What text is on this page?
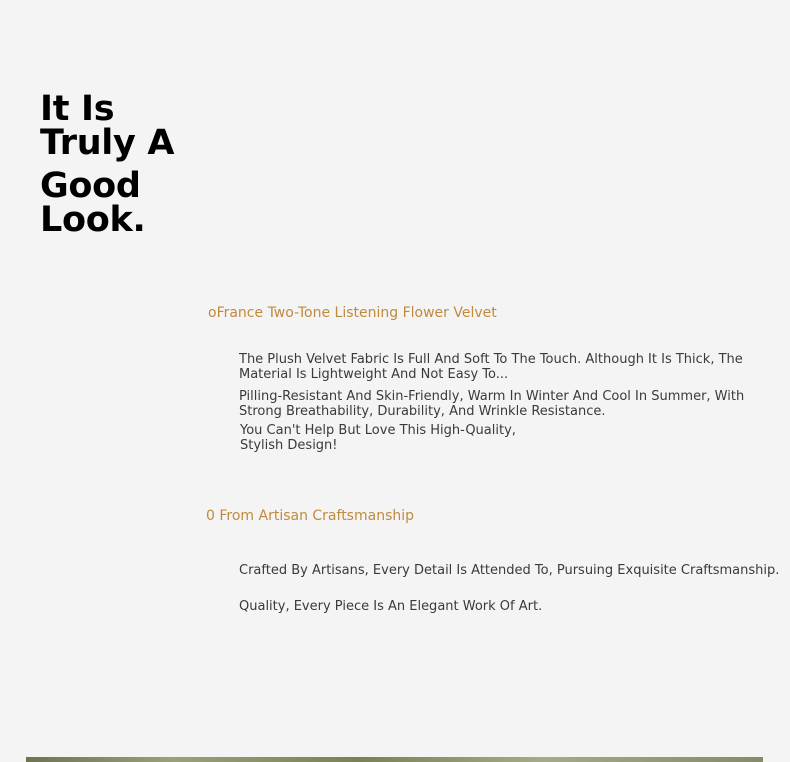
It Is
Truly A
Good
Look.
oFrance Two-Tone Listening Flower Velvet

The Plush Velvet Fabric Is Full And Soft To The Touch. Although It Is Thick, The Material Is Lightweight And Not Easy To...

Pilling-Resistant And Skin-Friendly, Warm In Winter And Cool In Summer, With Strong Breathability, Durability, And Wrinkle Resistance.

You Can't Help But Love This High-Quality, Stylish Design!

0 From Artisan Craftsmanship

Crafted By Artisans, Every Detail Is Attended To, Pursuing Exquisite Craftsmanship.

Quality, Every Piece Is An Elegant Work Of Art.
